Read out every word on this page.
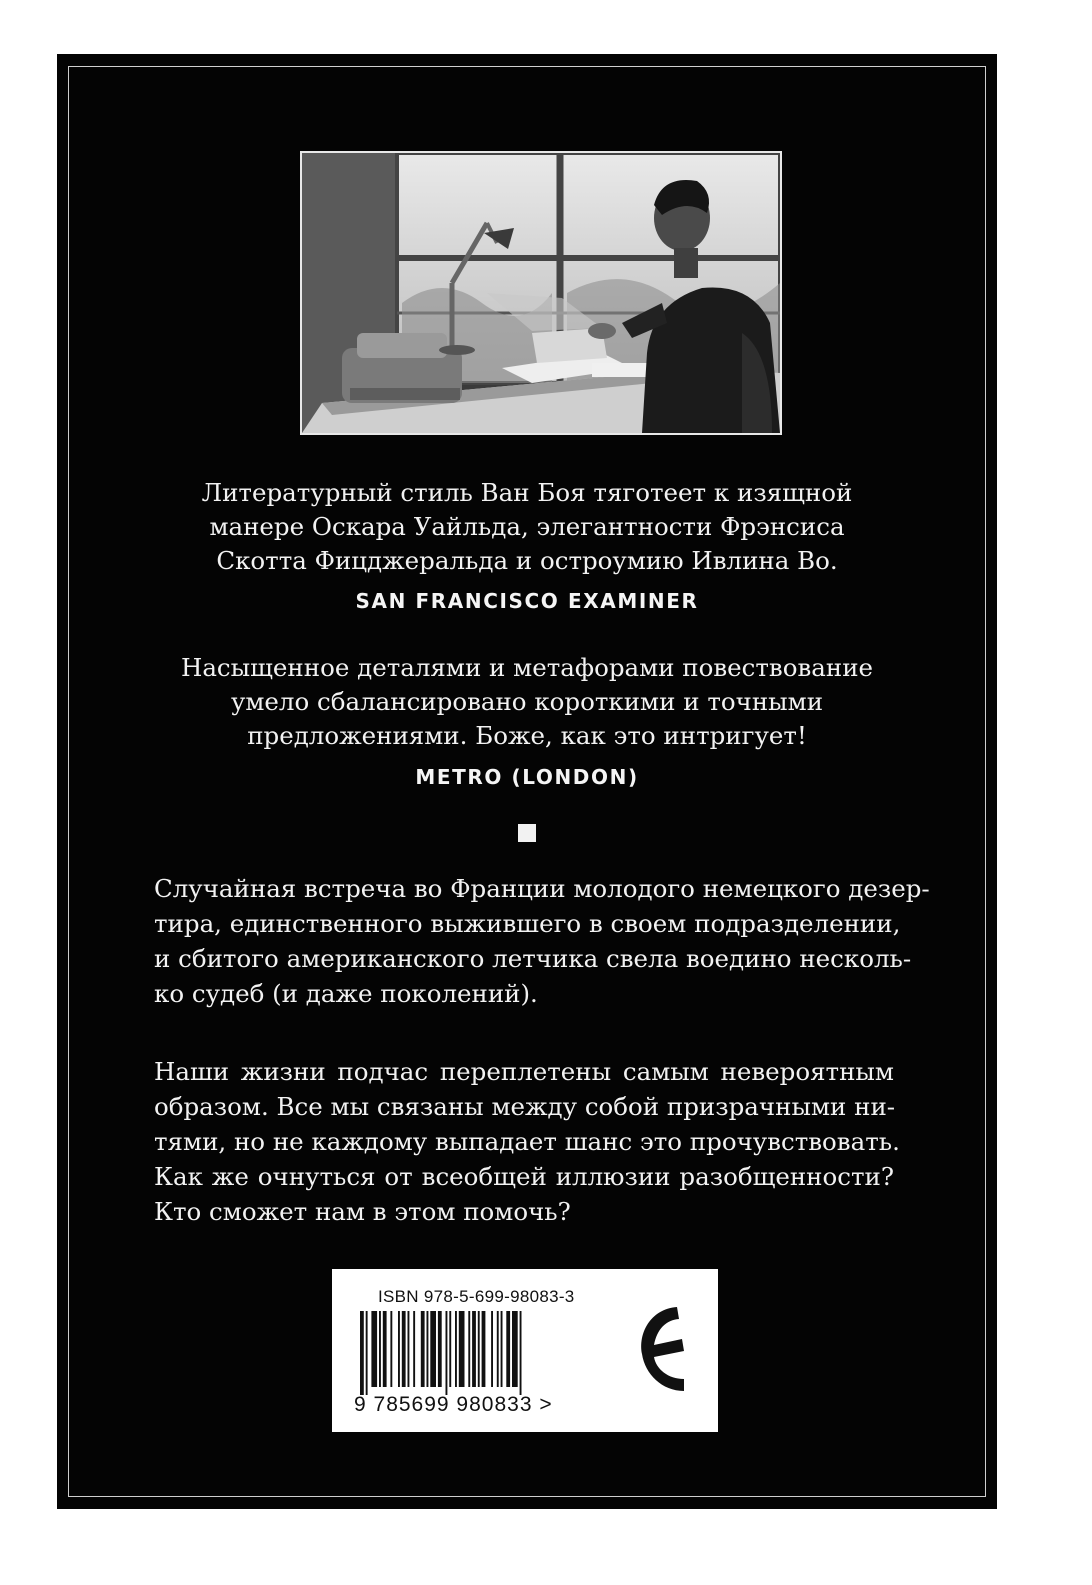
Литературный стиль Ван Боя тяготеет к изящной
манере Оскара Уайльда, элегантности Фрэнсиса
Скотта Фицджеральда и остроумию Ивлина Во.

SAN FRANCISCO EXAMINER

Насыщенное деталями и метафорами повествование
умело сбалансировано короткими и точными
предложениями. Боже, как это интригует!

METRO (LONDON)

Случайная встреча во Франции молодого немецкого дезер-
тира, единственного выжившего в своем подразделении,
и сбитого американского летчика свела воедино несколь-
ко судеб (и даже поколений).

Наши жизни подчас переплетены самым невероятным
образом. Все мы связаны между собой призрачными ни-
тями, но не каждому выпадает шанс это прочувствовать.
Как же очнуться от всеобщей иллюзии разобщенности?
Кто сможет нам в этом помочь?

ISBN 978-5-699-98083-3
9 785699 980833 >
